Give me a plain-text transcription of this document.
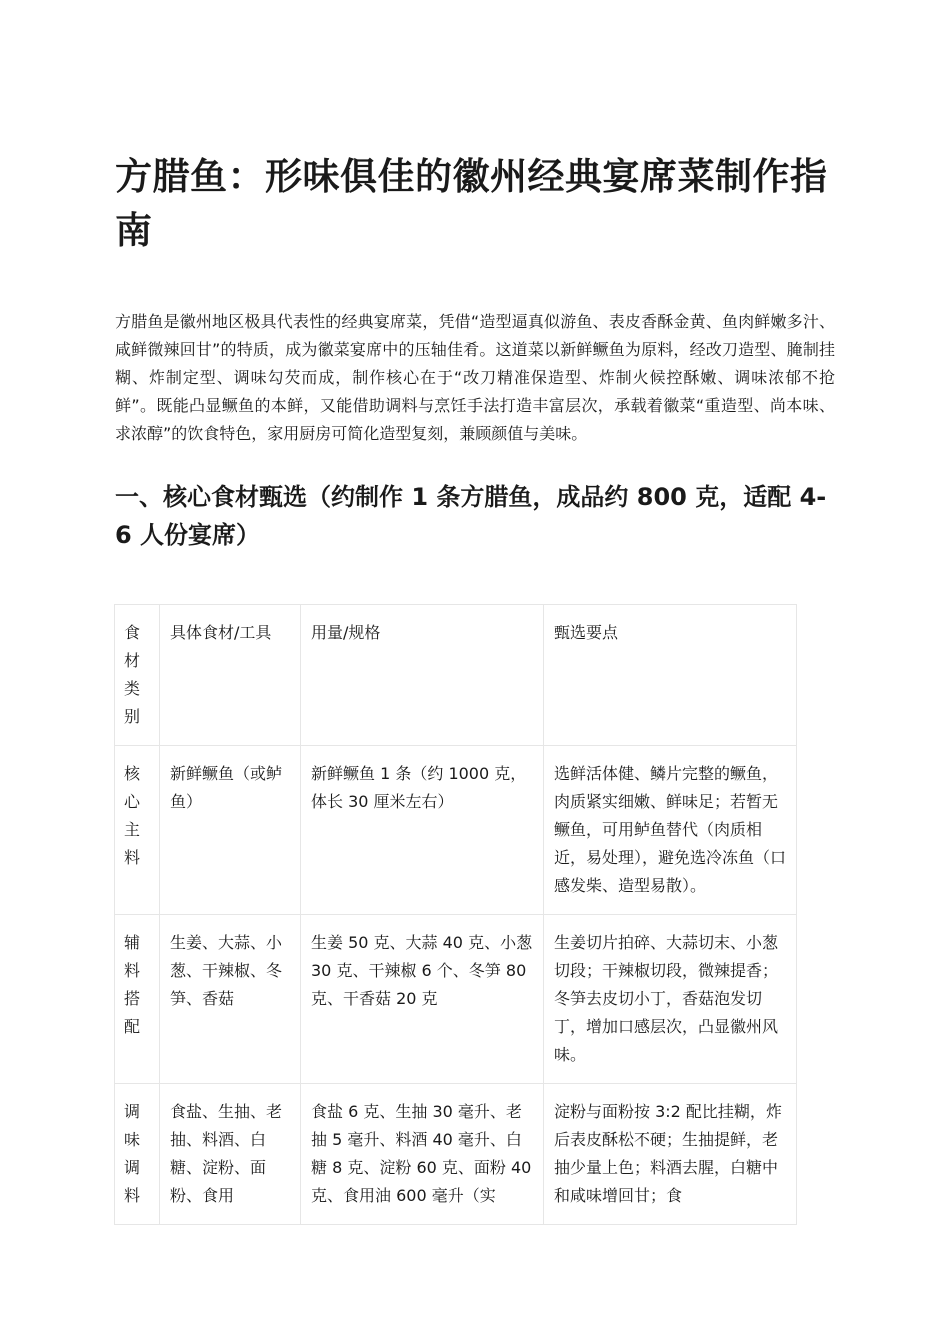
方腊鱼：形味俱佳的徽州经典宴席菜制作指南

方腊鱼是徽州地区极具代表性的经典宴席菜，凭借“造型逼真似游鱼、表皮香酥金黄、鱼肉鲜嫩多汁、咸鲜微辣回甘”的特质，成为徽菜宴席中的压轴佳肴。这道菜以新鲜鳜鱼为原料，经改刀造型、腌制挂糊、炸制定型、调味勾芡而成，制作核心在于“改刀精准保造型、炸制火候控酥嫩、调味浓郁不抢鲜”。既能凸显鳜鱼的本鲜，又能借助调料与烹饪手法打造丰富层次，承载着徽菜“重造型、尚本味、求浓醇”的饮食特色，家用厨房可简化造型复刻，兼顾颜值与美味。

一、核心食材甄选（约制作 1 条方腊鱼，成品约 800 克，适配 4-6 人份宴席）
食材类别	具体食材/工具	用量/规格	甄选要点
核心主料	新鲜鳜鱼（或鲈鱼）	新鲜鳜鱼 1 条（约 1000 克，体长 30 厘米左右）	选鲜活体健、鳞片完整的鳜鱼，肉质紧实细嫩、鲜味足；若暂无鳜鱼，可用鲈鱼替代（肉质相近，易处理），避免选冷冻鱼（口感发柴、造型易散）。
辅料搭配	生姜、大蒜、小葱、干辣椒、冬笋、香菇	生姜 50 克、大蒜 40 克、小葱 30 克、干辣椒 6 个、冬笋 80 克、干香菇 20 克	生姜切片拍碎、大蒜切末、小葱切段；干辣椒切段，微辣提香；冬笋去皮切小丁，香菇泡发切丁，增加口感层次，凸显徽州风味。
调味调料	食盐、生抽、老抽、料酒、白糖、淀粉、面粉、食用	食盐 6 克、生抽 30 毫升、老抽 5 毫升、料酒 40 毫升、白糖 8 克、淀粉 60 克、面粉 40 克、食用油 600 毫升（实	淀粉与面粉按 3:2 配比挂糊，炸后表皮酥松不硬；生抽提鲜，老抽少量上色；料酒去腥，白糖中和咸味增回甘；食
